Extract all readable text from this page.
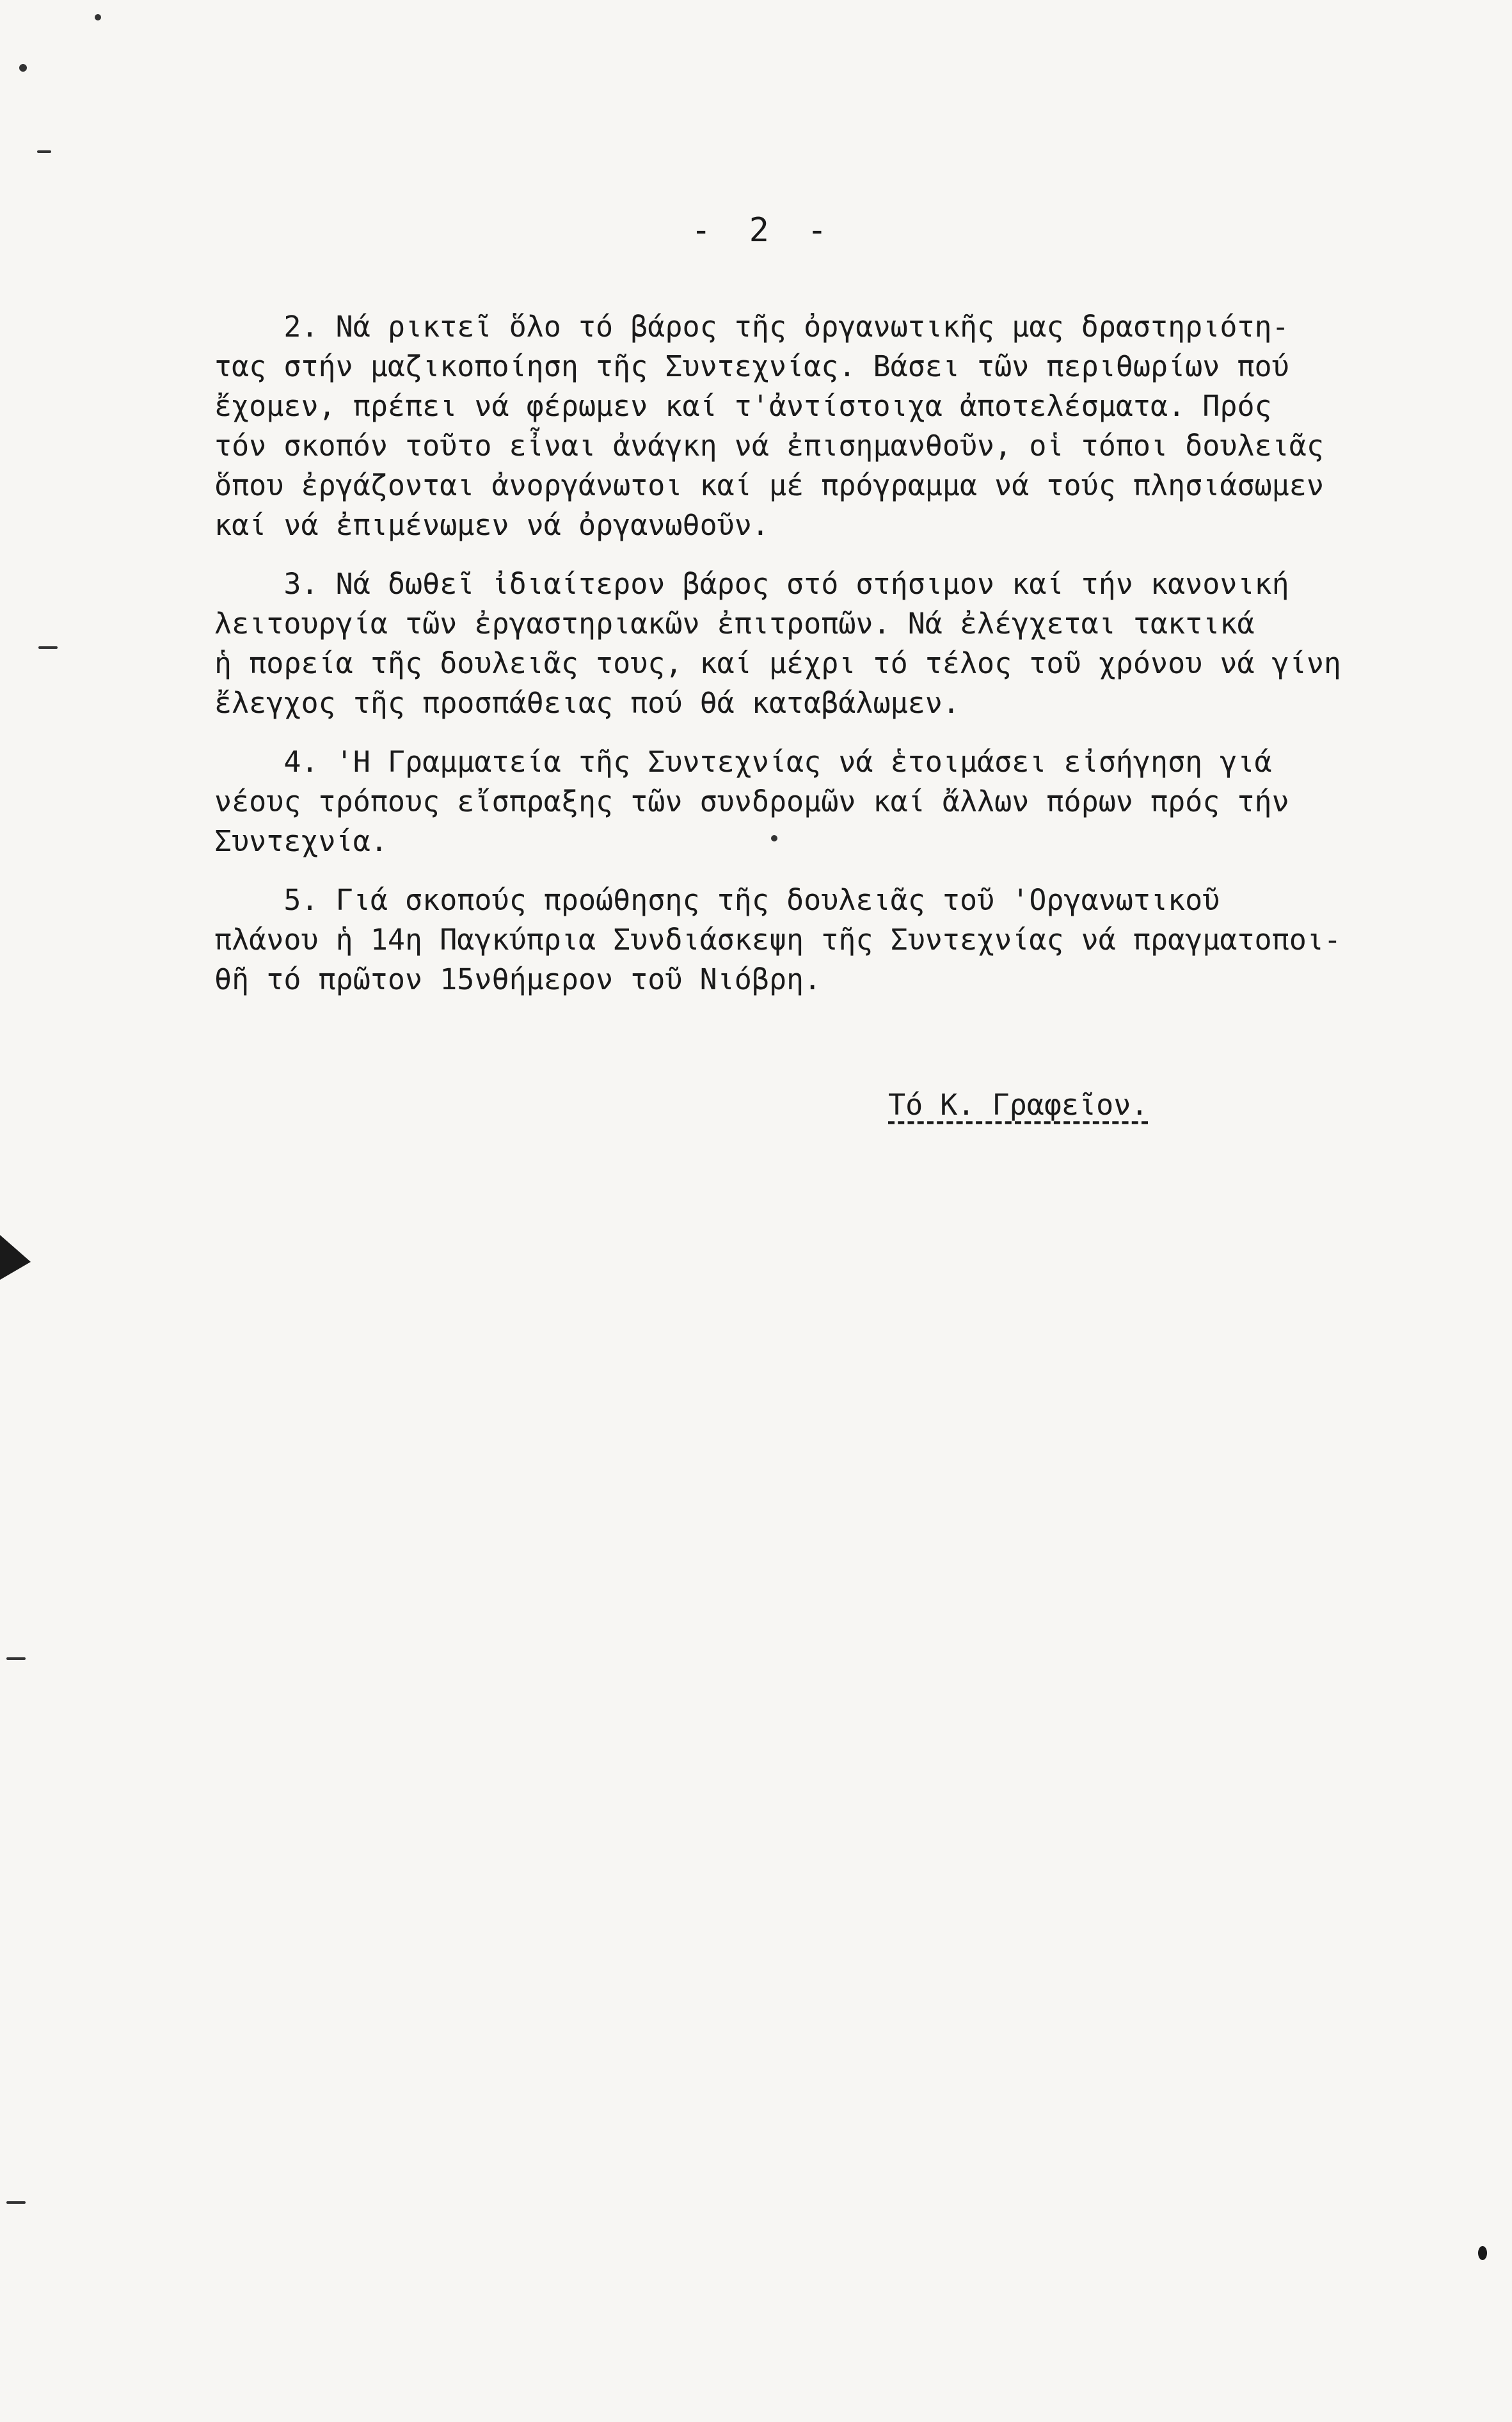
- 2 -
2. Νά ρικτεῖ ὅλο τό βάρος τῆς ὀργανωτικῆς μας δραστηριότη-
τας στήν μαζικοποίηση τῆς Συντεχνίας. Βάσει τῶν περιθωρίων πού
ἔχομεν, πρέπει νά φέρωμεν καί τ'ἀντίστοιχα ἀποτελέσματα. Πρός
τόν σκοπόν τοῦτο εἶναι ἀνάγκη νά ἐπισημανθοῦν, οἱ τόποι δουλειᾶς
ὅπου ἐργάζονται ἀνοργάνωτοι καί μέ πρόγραμμα νά τούς πλησιάσωμεν
καί νά ἐπιμένωμεν νά ὀργανωθοῦν.
3. Νά δωθεῖ ἰδιαίτερον βάρος στό στήσιμον καί τήν κανονική
λειτουργία τῶν ἐργαστηριακῶν ἐπιτροπῶν. Νά ἐλέγχεται τακτικά
ἡ πορεία τῆς δουλειᾶς τους, καί μέχρι τό τέλος τοῦ χρόνου νά γίνη
ἔλεγχος τῆς προσπάθειας πού θά καταβάλωμεν.
4. 'Η Γραμματεία τῆς Συντεχνίας νά ἑτοιμάσει εἰσήγηση γιά
νέους τρόπους εἴσπραξης τῶν συνδρομῶν καί ἄλλων πόρων πρός τήν
Συντεχνία.
5. Γιά σκοπούς προώθησης τῆς δουλειᾶς τοῦ 'Οργανωτικοῦ
πλάνου ἡ 14η Παγκύπρια Συνδιάσκεψη τῆς Συντεχνίας νά πραγματοποι-
θῆ τό πρῶτον 15νθήμερον τοῦ Νιόβρη.
Τό Κ. Γραφεῖον.
